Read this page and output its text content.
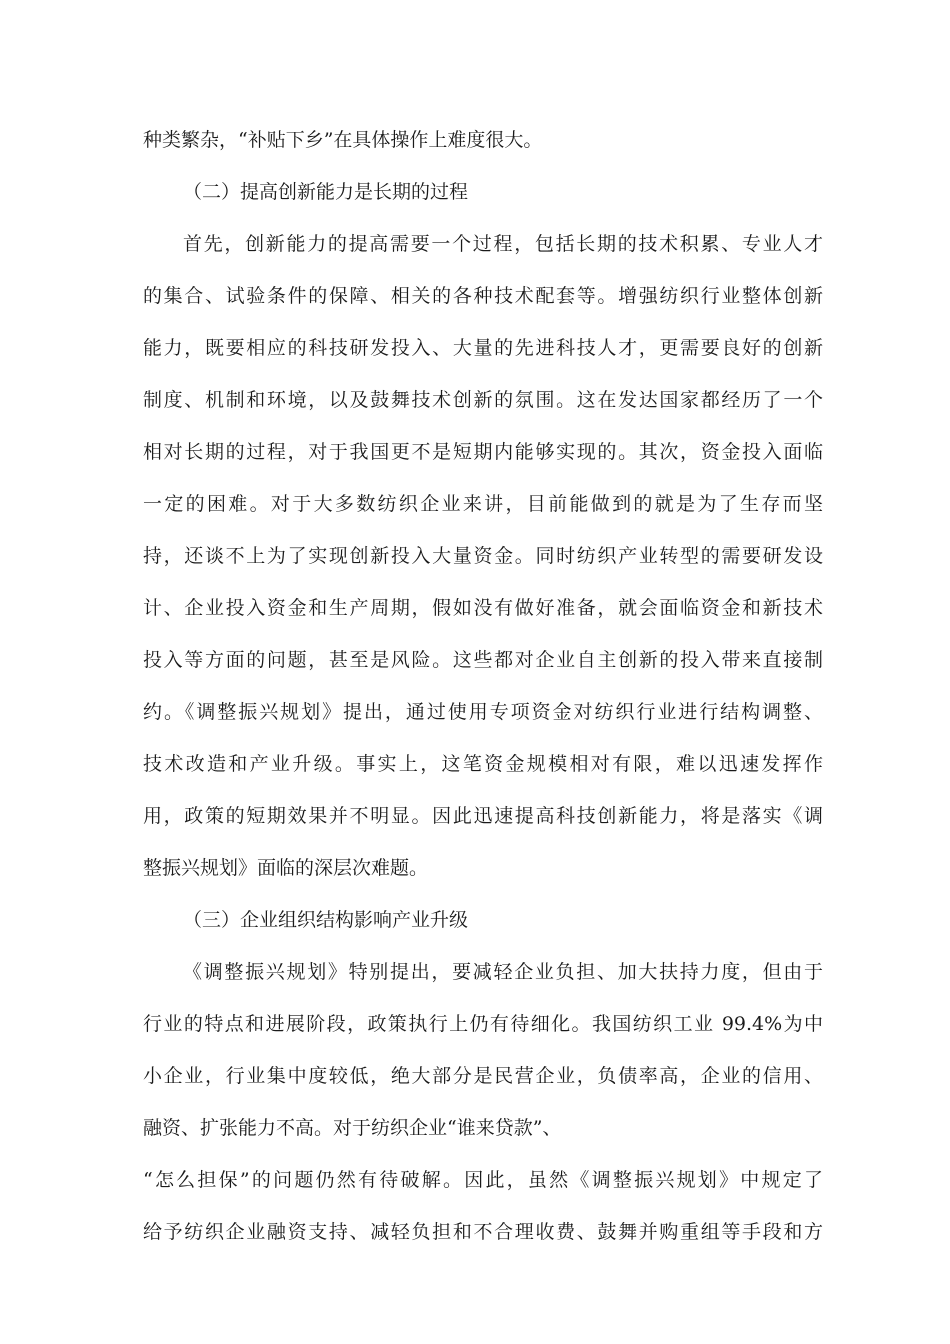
种类繁杂，“补贴下乡”在具体操作上难度很大。
（二）提高创新能力是长期的过程
首先，创新能力的提高需要一个过程，包括长期的技术积累、专业人才
的集合、试验条件的保障、相关的各种技术配套等。增强纺织行业整体创新
能力，既要相应的科技研发投入、大量的先进科技人才，更需要良好的创新
制度、机制和环境，以及鼓舞技术创新的氛围。这在发达国家都经历了一个
相对长期的过程，对于我国更不是短期内能够实现的。其次，资金投入面临
一定的困难。对于大多数纺织企业来讲，目前能做到的就是为了生存而坚
持，还谈不上为了实现创新投入大量资金。同时纺织产业转型的需要研发设
计、企业投入资金和生产周期，假如没有做好准备，就会面临资金和新技术
投入等方面的问题，甚至是风险。这些都对企业自主创新的投入带来直接制
约。《调整振兴规划》提出，通过使用专项资金对纺织行业进行结构调整、
技术改造和产业升级。事实上，这笔资金规模相对有限，难以迅速发挥作
用，政策的短期效果并不明显。因此迅速提高科技创新能力，将是落实《调
整振兴规划》面临的深层次难题。
（三）企业组织结构影响产业升级
《调整振兴规划》特别提出，要减轻企业负担、加大扶持力度，但由于
行业的特点和进展阶段，政策执行上仍有待细化。我国纺织工业 99.4%为中
小企业，行业集中度较低，绝大部分是民营企业，负债率高，企业的信用、
融资、扩张能力不高。对于纺织企业“谁来贷款”、
“怎么担保”的问题仍然有待破解。因此，虽然《调整振兴规划》中规定了
给予纺织企业融资支持、减轻负担和不合理收费、鼓舞并购重组等手段和方
